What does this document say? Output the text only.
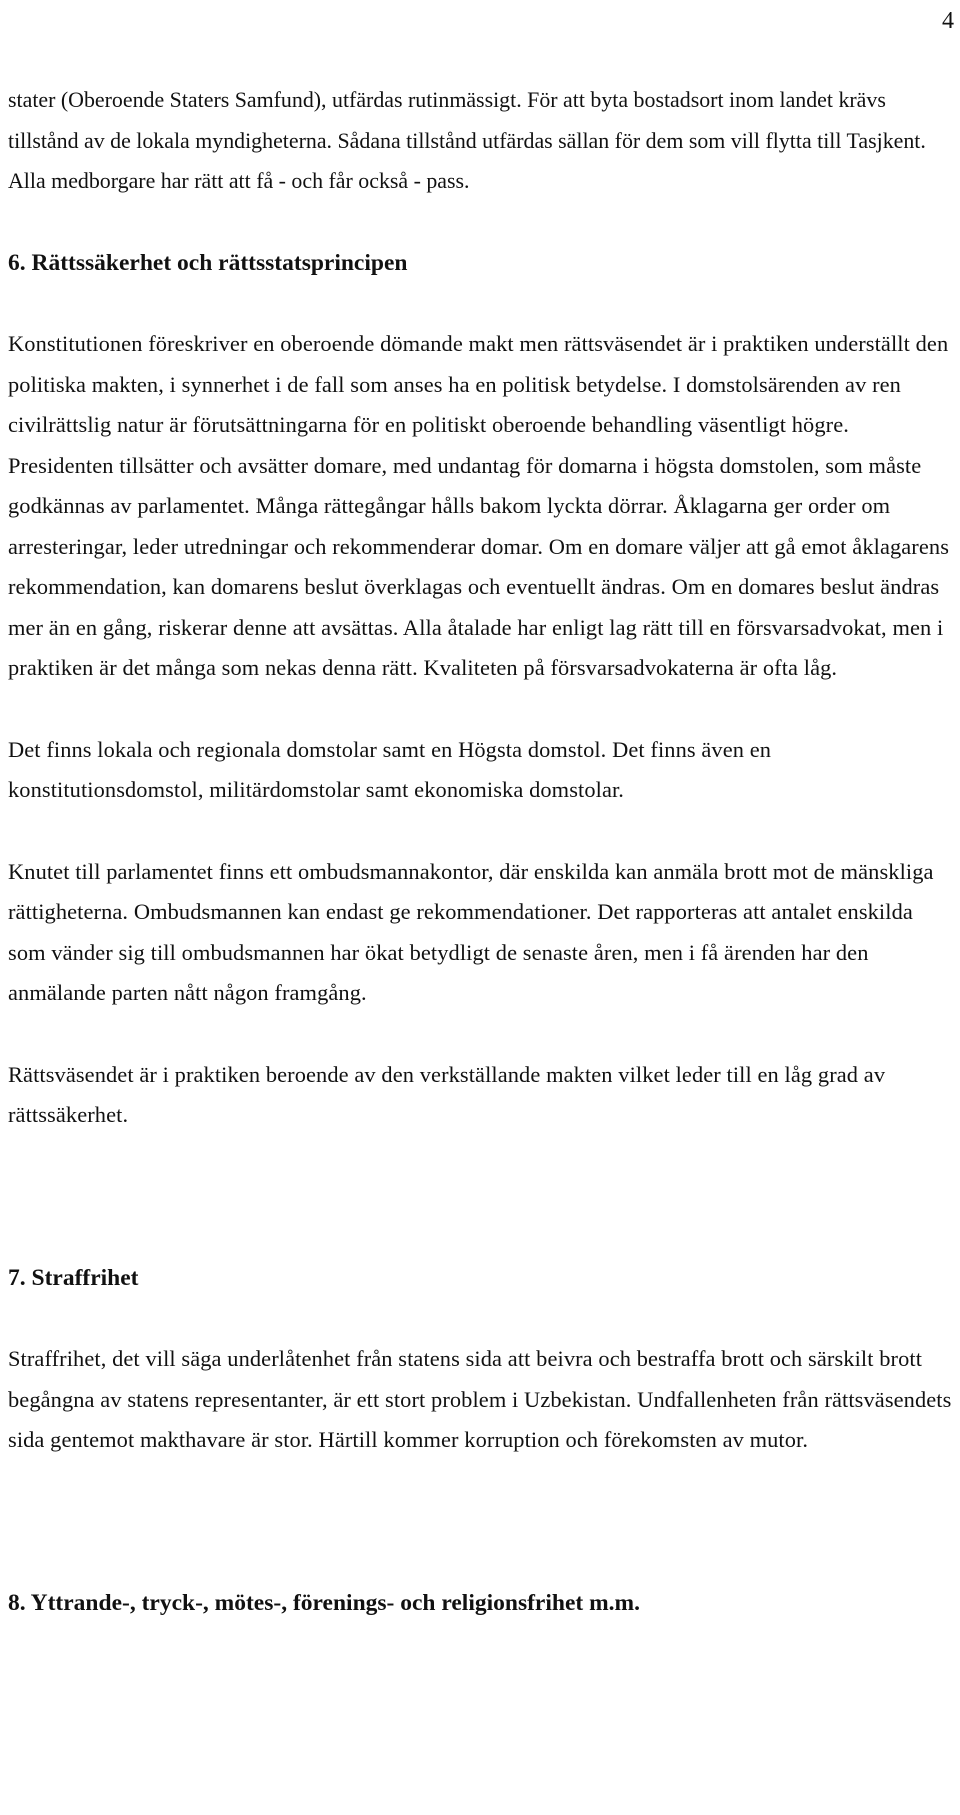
4

stater (Oberoende Staters Samfund), utfärdas rutinmässigt. För att byta bostadsort inom landet krävs tillstånd av de lokala myndigheterna. Sådana tillstånd utfärdas sällan för dem som vill flytta till Tasjkent. Alla medborgare har rätt att få - och får också - pass.

6. Rättssäkerhet och rättsstatsprincipen

Konstitutionen föreskriver en oberoende dömande makt men rättsväsendet är i praktiken underställt den politiska makten, i synnerhet i de fall som anses ha en politisk betydelse. I domstolsärenden av ren civilrättslig natur är förutsättningarna för en politiskt oberoende behandling väsentligt högre. Presidenten tillsätter och avsätter domare, med undantag för domarna i högsta domstolen, som måste godkännas av parlamentet. Många rättegångar hålls bakom lyckta dörrar. Åklagarna ger order om arresteringar, leder utredningar och rekommenderar domar. Om en domare väljer att gå emot åklagarens rekommendation, kan domarens beslut överklagas och eventuellt ändras. Om en domares beslut ändras mer än en gång, riskerar denne att avsättas. Alla åtalade har enligt lag rätt till en försvarsadvokat, men i praktiken är det många som nekas denna rätt. Kvaliteten på försvarsadvokaterna är ofta låg.

Det finns lokala och regionala domstolar samt en Högsta domstol. Det finns även en konstitutionsdomstol, militärdomstolar samt ekonomiska domstolar.

Knutet till parlamentet finns ett ombudsmannakontor, där enskilda kan anmäla brott mot de mänskliga rättigheterna. Ombudsmannen kan endast ge rekommendationer. Det rapporteras att antalet enskilda som vänder sig till ombudsmannen har ökat betydligt de senaste åren, men i få ärenden har den anmälande parten nått någon framgång.

Rättsväsendet är i praktiken beroende av den verkställande makten vilket leder till en låg grad av rättssäkerhet.

7. Straffrihet

Straffrihet, det vill säga underlåtenhet från statens sida att beivra och bestraffa brott och särskilt brott begångna av statens representanter, är ett stort problem i Uzbekistan. Undfallenheten från rättsväsendets sida gentemot makthavare är stor. Härtill kommer korruption och förekomsten av mutor.

8. Yttrande-, tryck-, mötes-, förenings- och religionsfrihet m.m.
